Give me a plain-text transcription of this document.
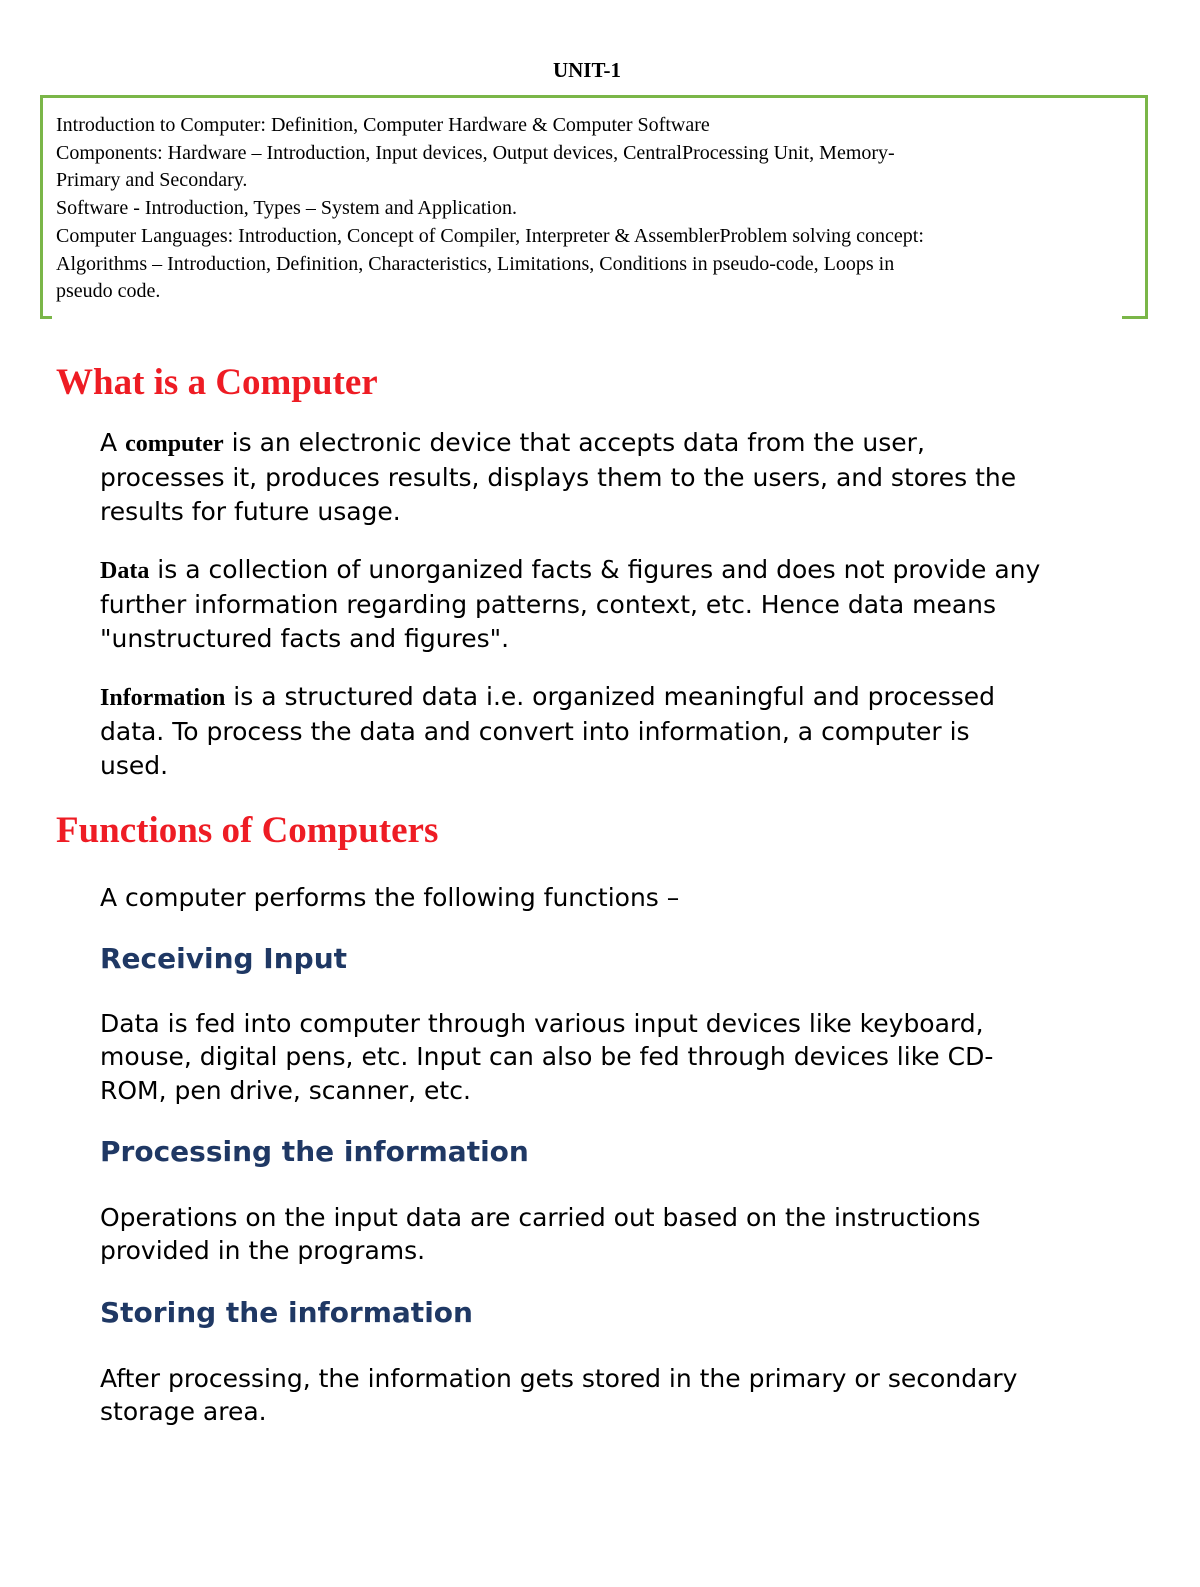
UNIT-1
Introduction to Computer: Definition, Computer Hardware & Computer Software
Components: Hardware – Introduction, Input devices, Output devices, CentralProcessing Unit, Memory-
Primary and Secondary.
Software - Introduction, Types – System and Application.
Computer Languages: Introduction, Concept of Compiler, Interpreter & AssemblerProblem solving concept:
Algorithms – Introduction, Definition, Characteristics, Limitations, Conditions in pseudo-code, Loops in
pseudo code.
What is a Computer
A computer is an electronic device that accepts data from the user,
processes it, produces results, displays them to the users, and stores the
results for future usage.
Data is a collection of unorganized facts & figures and does not provide any
further information regarding patterns, context, etc. Hence data means
"unstructured facts and figures".
Information is a structured data i.e. organized meaningful and processed
data. To process the data and convert into information, a computer is
used.
Functions of Computers
A computer performs the following functions –
Receiving Input
Data is fed into computer through various input devices like keyboard,
mouse, digital pens, etc. Input can also be fed through devices like CD-
ROM, pen drive, scanner, etc.
Processing the information
Operations on the input data are carried out based on the instructions
provided in the programs.
Storing the information
After processing, the information gets stored in the primary or secondary
storage area.
